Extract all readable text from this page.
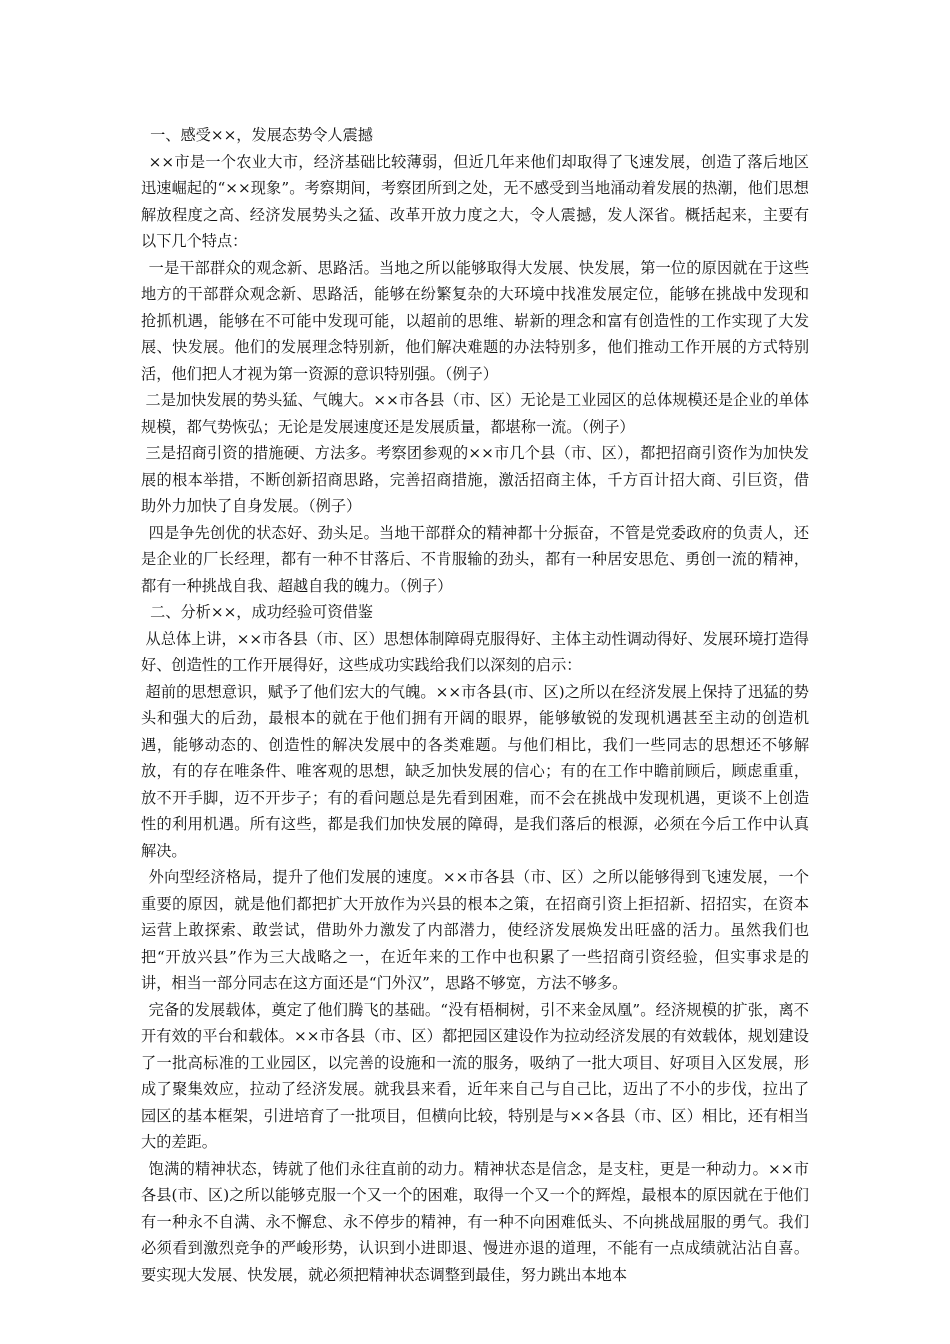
一、感受××，发展态势令人震撼

××市是一个农业大市，经济基础比较薄弱，但近几年来他们却取得了飞速发展，创造了落后地区迅速崛起的“××现象”。考察期间，考察团所到之处，无不感受到当地涌动着发展的热潮，他们思想解放程度之高、经济发展势头之猛、改革开放力度之大，令人震撼，发人深省。概括起来，主要有以下几个特点：

一是干部群众的观念新、思路活。当地之所以能够取得大发展、快发展，第一位的原因就在于这些地方的干部群众观念新、思路活，能够在纷繁复杂的大环境中找准发展定位，能够在挑战中发现和抢抓机遇，能够在不可能中发现可能，以超前的思维、崭新的理念和富有创造性的工作实现了大发展、快发展。他们的发展理念特别新，他们解决难题的办法特别多，他们推动工作开展的方式特别活，他们把人才视为第一资源的意识特别强。（例子）

二是加快发展的势头猛、气魄大。××市各县（市、区）无论是工业园区的总体规模还是企业的单体规模，都气势恢弘；无论是发展速度还是发展质量，都堪称一流。（例子）

三是招商引资的措施硬、方法多。考察团参观的××市几个县（市、区），都把招商引资作为加快发展的根本举措，不断创新招商思路，完善招商措施，激活招商主体，千方百计招大商、引巨资，借助外力加快了自身发展。（例子）

四是争先创优的状态好、劲头足。当地干部群众的精神都十分振奋，不管是党委政府的负责人，还是企业的厂长经理，都有一种不甘落后、不肯服输的劲头，都有一种居安思危、勇创一流的精神，都有一种挑战自我、超越自我的魄力。（例子）

二、分析××，成功经验可资借鉴

从总体上讲，××市各县（市、区）思想体制障碍克服得好、主体主动性调动得好、发展环境打造得好、创造性的工作开展得好，这些成功实践给我们以深刻的启示：

超前的思想意识，赋予了他们宏大的气魄。××市各县(市、区)之所以在经济发展上保持了迅猛的势头和强大的后劲，最根本的就在于他们拥有开阔的眼界，能够敏锐的发现机遇甚至主动的创造机遇，能够动态的、创造性的解决发展中的各类难题。与他们相比，我们一些同志的思想还不够解放，有的存在唯条件、唯客观的思想，缺乏加快发展的信心；有的在工作中瞻前顾后，顾虑重重，放不开手脚，迈不开步子；有的看问题总是先看到困难，而不会在挑战中发现机遇，更谈不上创造性的利用机遇。所有这些，都是我们加快发展的障碍，是我们落后的根源，必须在今后工作中认真解决。

外向型经济格局，提升了他们发展的速度。××市各县（市、区）之所以能够得到飞速发展，一个重要的原因，就是他们都把扩大开放作为兴县的根本之策，在招商引资上拒招新、招招实，在资本运营上敢探索、敢尝试，借助外力激发了内部潜力，使经济发展焕发出旺盛的活力。虽然我们也把“开放兴县”作为三大战略之一，在近年来的工作中也积累了一些招商引资经验，但实事求是的讲，相当一部分同志在这方面还是“门外汉”，思路不够宽，方法不够多。

完备的发展载体，奠定了他们腾飞的基础。“没有梧桐树，引不来金凤凰”。经济规模的扩张，离不开有效的平台和载体。××市各县（市、区）都把园区建设作为拉动经济发展的有效载体，规划建设了一批高标准的工业园区，以完善的设施和一流的服务，吸纳了一批大项目、好项目入区发展，形成了聚集效应，拉动了经济发展。就我县来看，近年来自己与自己比，迈出了不小的步伐，拉出了园区的基本框架，引进培育了一批项目，但横向比较，特别是与××各县（市、区）相比，还有相当大的差距。

饱满的精神状态，铸就了他们永往直前的动力。精神状态是信念，是支柱，更是一种动力。××市各县(市、区)之所以能够克服一个又一个的困难，取得一个又一个的辉煌，最根本的原因就在于他们有一种永不自满、永不懈怠、永不停步的精神，有一种不向困难低头、不向挑战屈服的勇气。我们必须看到激烈竞争的严峻形势，认识到小进即退、慢进亦退的道理，不能有一点成绩就沾沾自喜。要实现大发展、快发展，就必须把精神状态调整到最佳，努力跳出本地本
